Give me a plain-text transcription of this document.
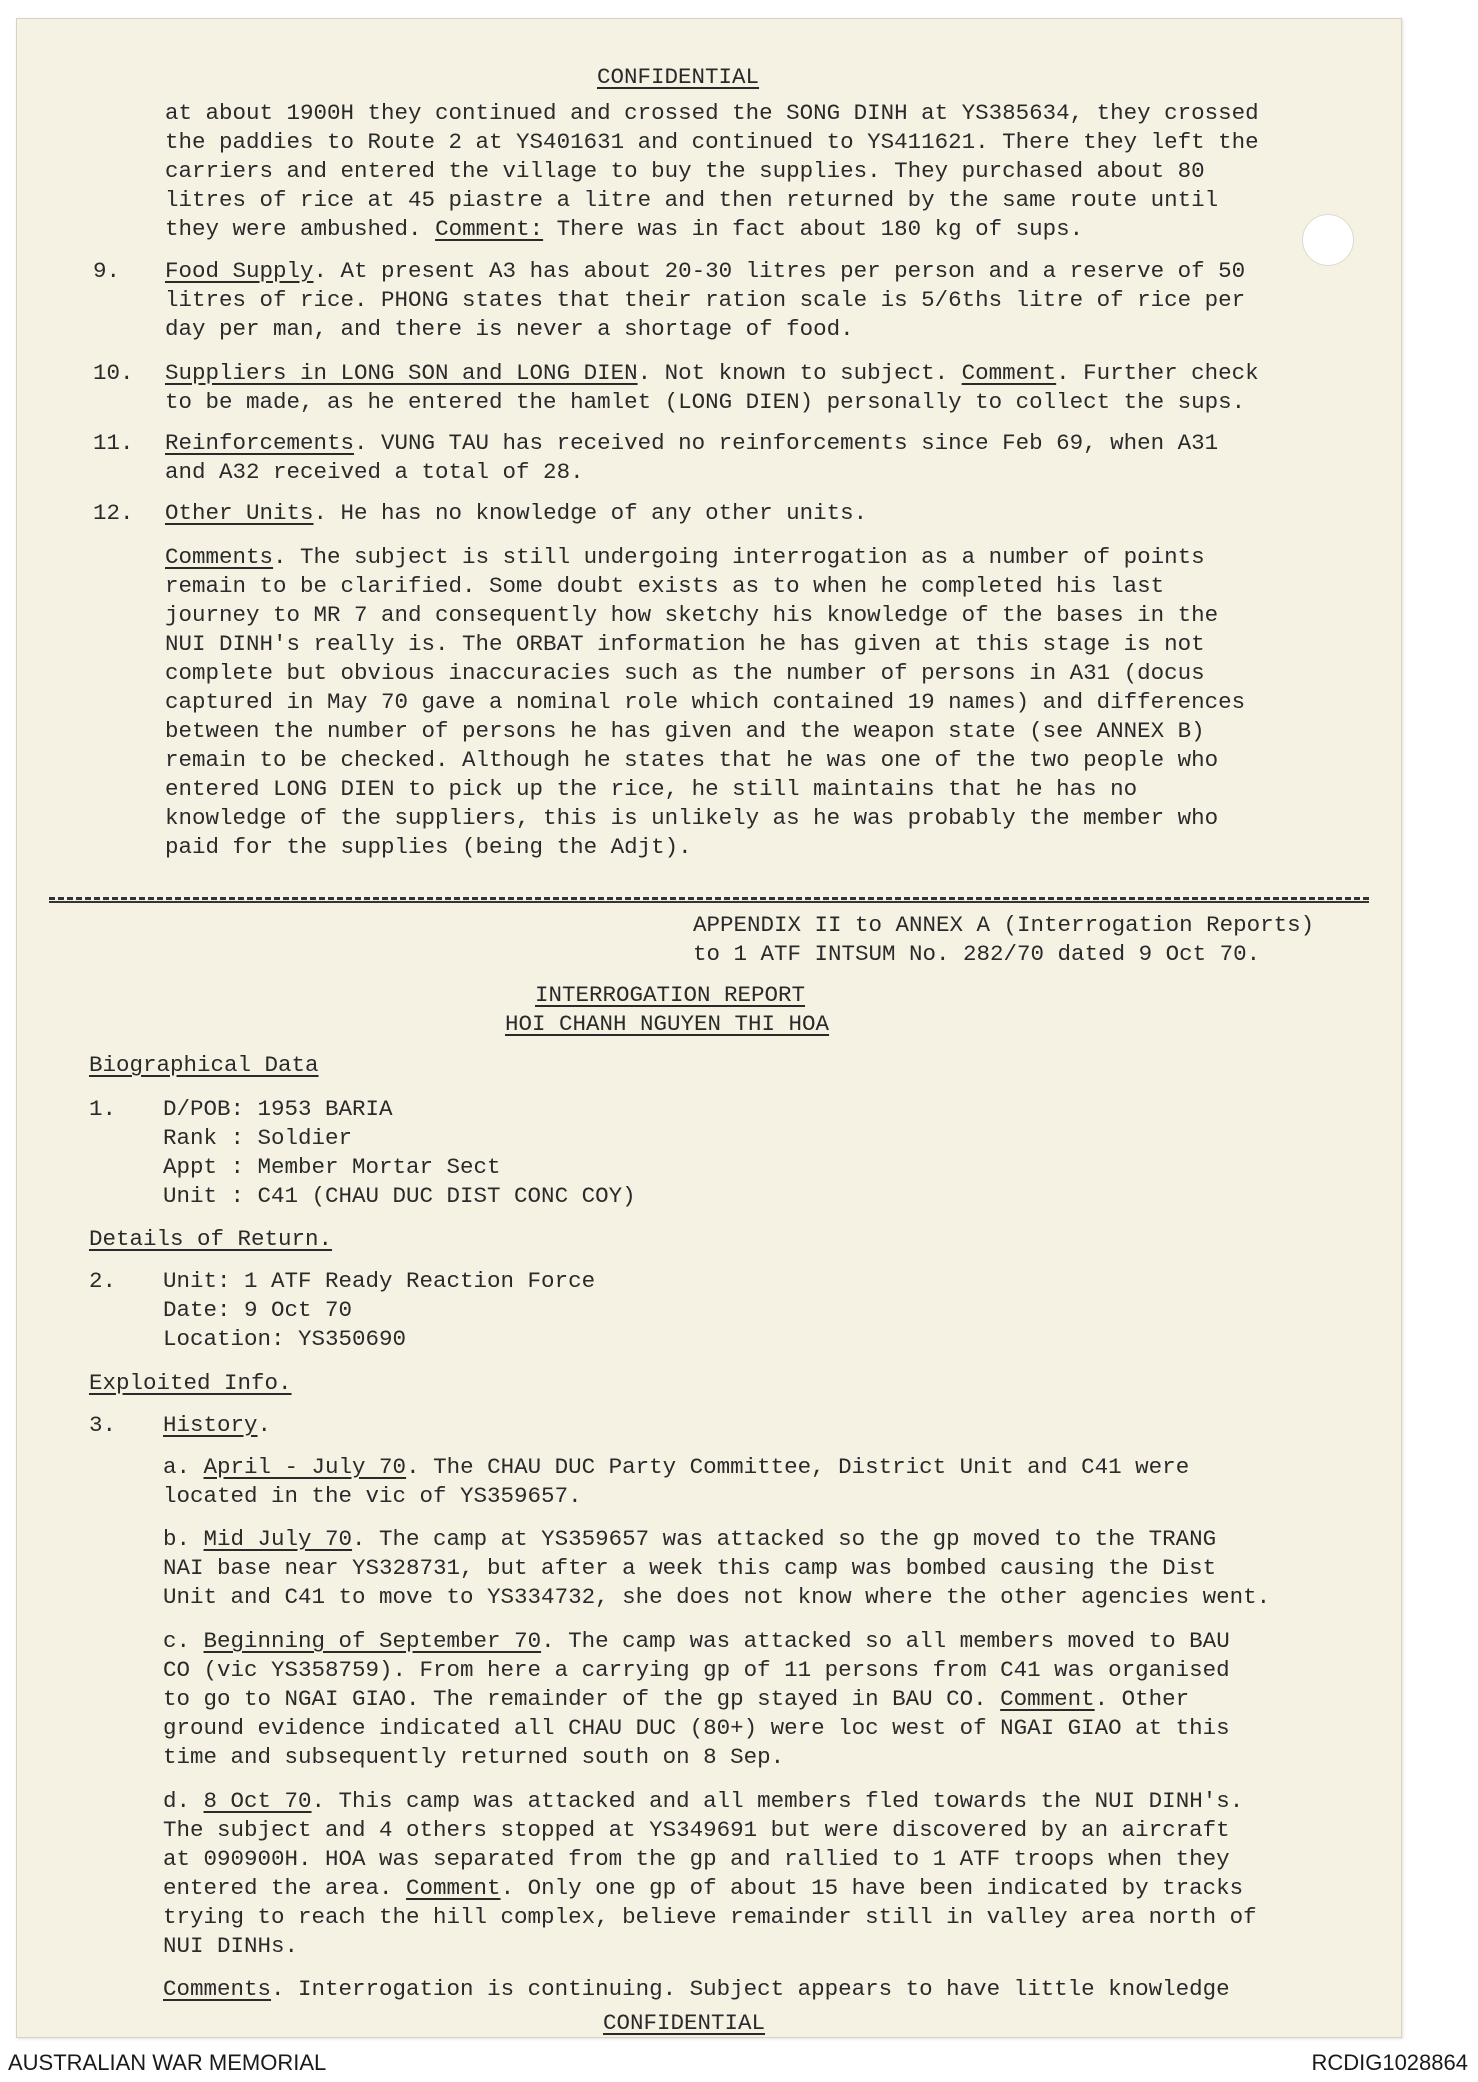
CONFIDENTIAL
at about 1900H they continued and crossed the SONG DINH at YS385634, they crossed
the paddies to Route 2 at YS401631 and continued to YS411621. There they left the
carriers and entered the village to buy the supplies. They purchased about 80
litres of rice at 45 piastre a litre and then returned by the same route until
they were ambushed. Comment: There was in fact about 180 kg of sups.
9. Food Supply. At present A3 has about 20-30 litres per person and a reserve of 50
litres of rice. PHONG states that their ration scale is 5/6ths litre of rice per
day per man, and there is never a shortage of food.
10. Suppliers in LONG SON and LONG DIEN. Not known to subject. Comment. Further check
to be made, as he entered the hamlet (LONG DIEN) personally to collect the sups.
11. Reinforcements. VUNG TAU has received no reinforcements since Feb 69, when A31
and A32 received a total of 28.
12. Other Units. He has no knowledge of any other units.
Comments. The subject is still undergoing interrogation as a number of points
remain to be clarified. Some doubt exists as to when he completed his last
journey to MR 7 and consequently how sketchy his knowledge of the bases in the
NUI DINH's really is. The ORBAT information he has given at this stage is not
complete but obvious inaccuracies such as the number of persons in A31 (docus
captured in May 70 gave a nominal role which contained 19 names) and differences
between the number of persons he has given and the weapon state (see ANNEX B)
remain to be checked. Although he states that he was one of the two people who
entered LONG DIEN to pick up the rice, he still maintains that he has no
knowledge of the suppliers, this is unlikely as he was probably the member who
paid for the supplies (being the Adjt).
APPENDIX II to ANNEX A (Interrogation Reports)
to 1 ATF INTSUM No. 282/70 dated 9 Oct 70.
INTERROGATION REPORT
HOI CHANH NGUYEN THI HOA
Biographical Data
1. D/POB: 1953 BARIA
Rank : Soldier
Appt : Member Mortar Sect
Unit : C41 (CHAU DUC DIST CONC COY)
Details of Return.
2. Unit: 1 ATF Ready Reaction Force
Date: 9 Oct 70
Location: YS350690
Exploited Info.
3. History.
a. April - July 70. The CHAU DUC Party Committee, District Unit and C41 were
located in the vic of YS359657.
b. Mid July 70. The camp at YS359657 was attacked so the gp moved to the TRANG
NAI base near YS328731, but after a week this camp was bombed causing the Dist
Unit and C41 to move to YS334732, she does not know where the other agencies went.
c. Beginning of September 70. The camp was attacked so all members moved to BAU
CO (vic YS358759). From here a carrying gp of 11 persons from C41 was organised
to go to NGAI GIAO. The remainder of the gp stayed in BAU CO. Comment. Other
ground evidence indicated all CHAU DUC (80+) were loc west of NGAI GIAO at this
time and subsequently returned south on 8 Sep.
d. 8 Oct 70. This camp was attacked and all members fled towards the NUI DINH's.
The subject and 4 others stopped at YS349691 but were discovered by an aircraft
at 090900H. HOA was separated from the gp and rallied to 1 ATF troops when they
entered the area. Comment. Only one gp of about 15 have been indicated by tracks
trying to reach the hill complex, believe remainder still in valley area north of
NUI DINHs.
Comments. Interrogation is continuing. Subject appears to have little knowledge
CONFIDENTIAL
AUSTRALIAN WAR MEMORIAL	RCDIG1028864
